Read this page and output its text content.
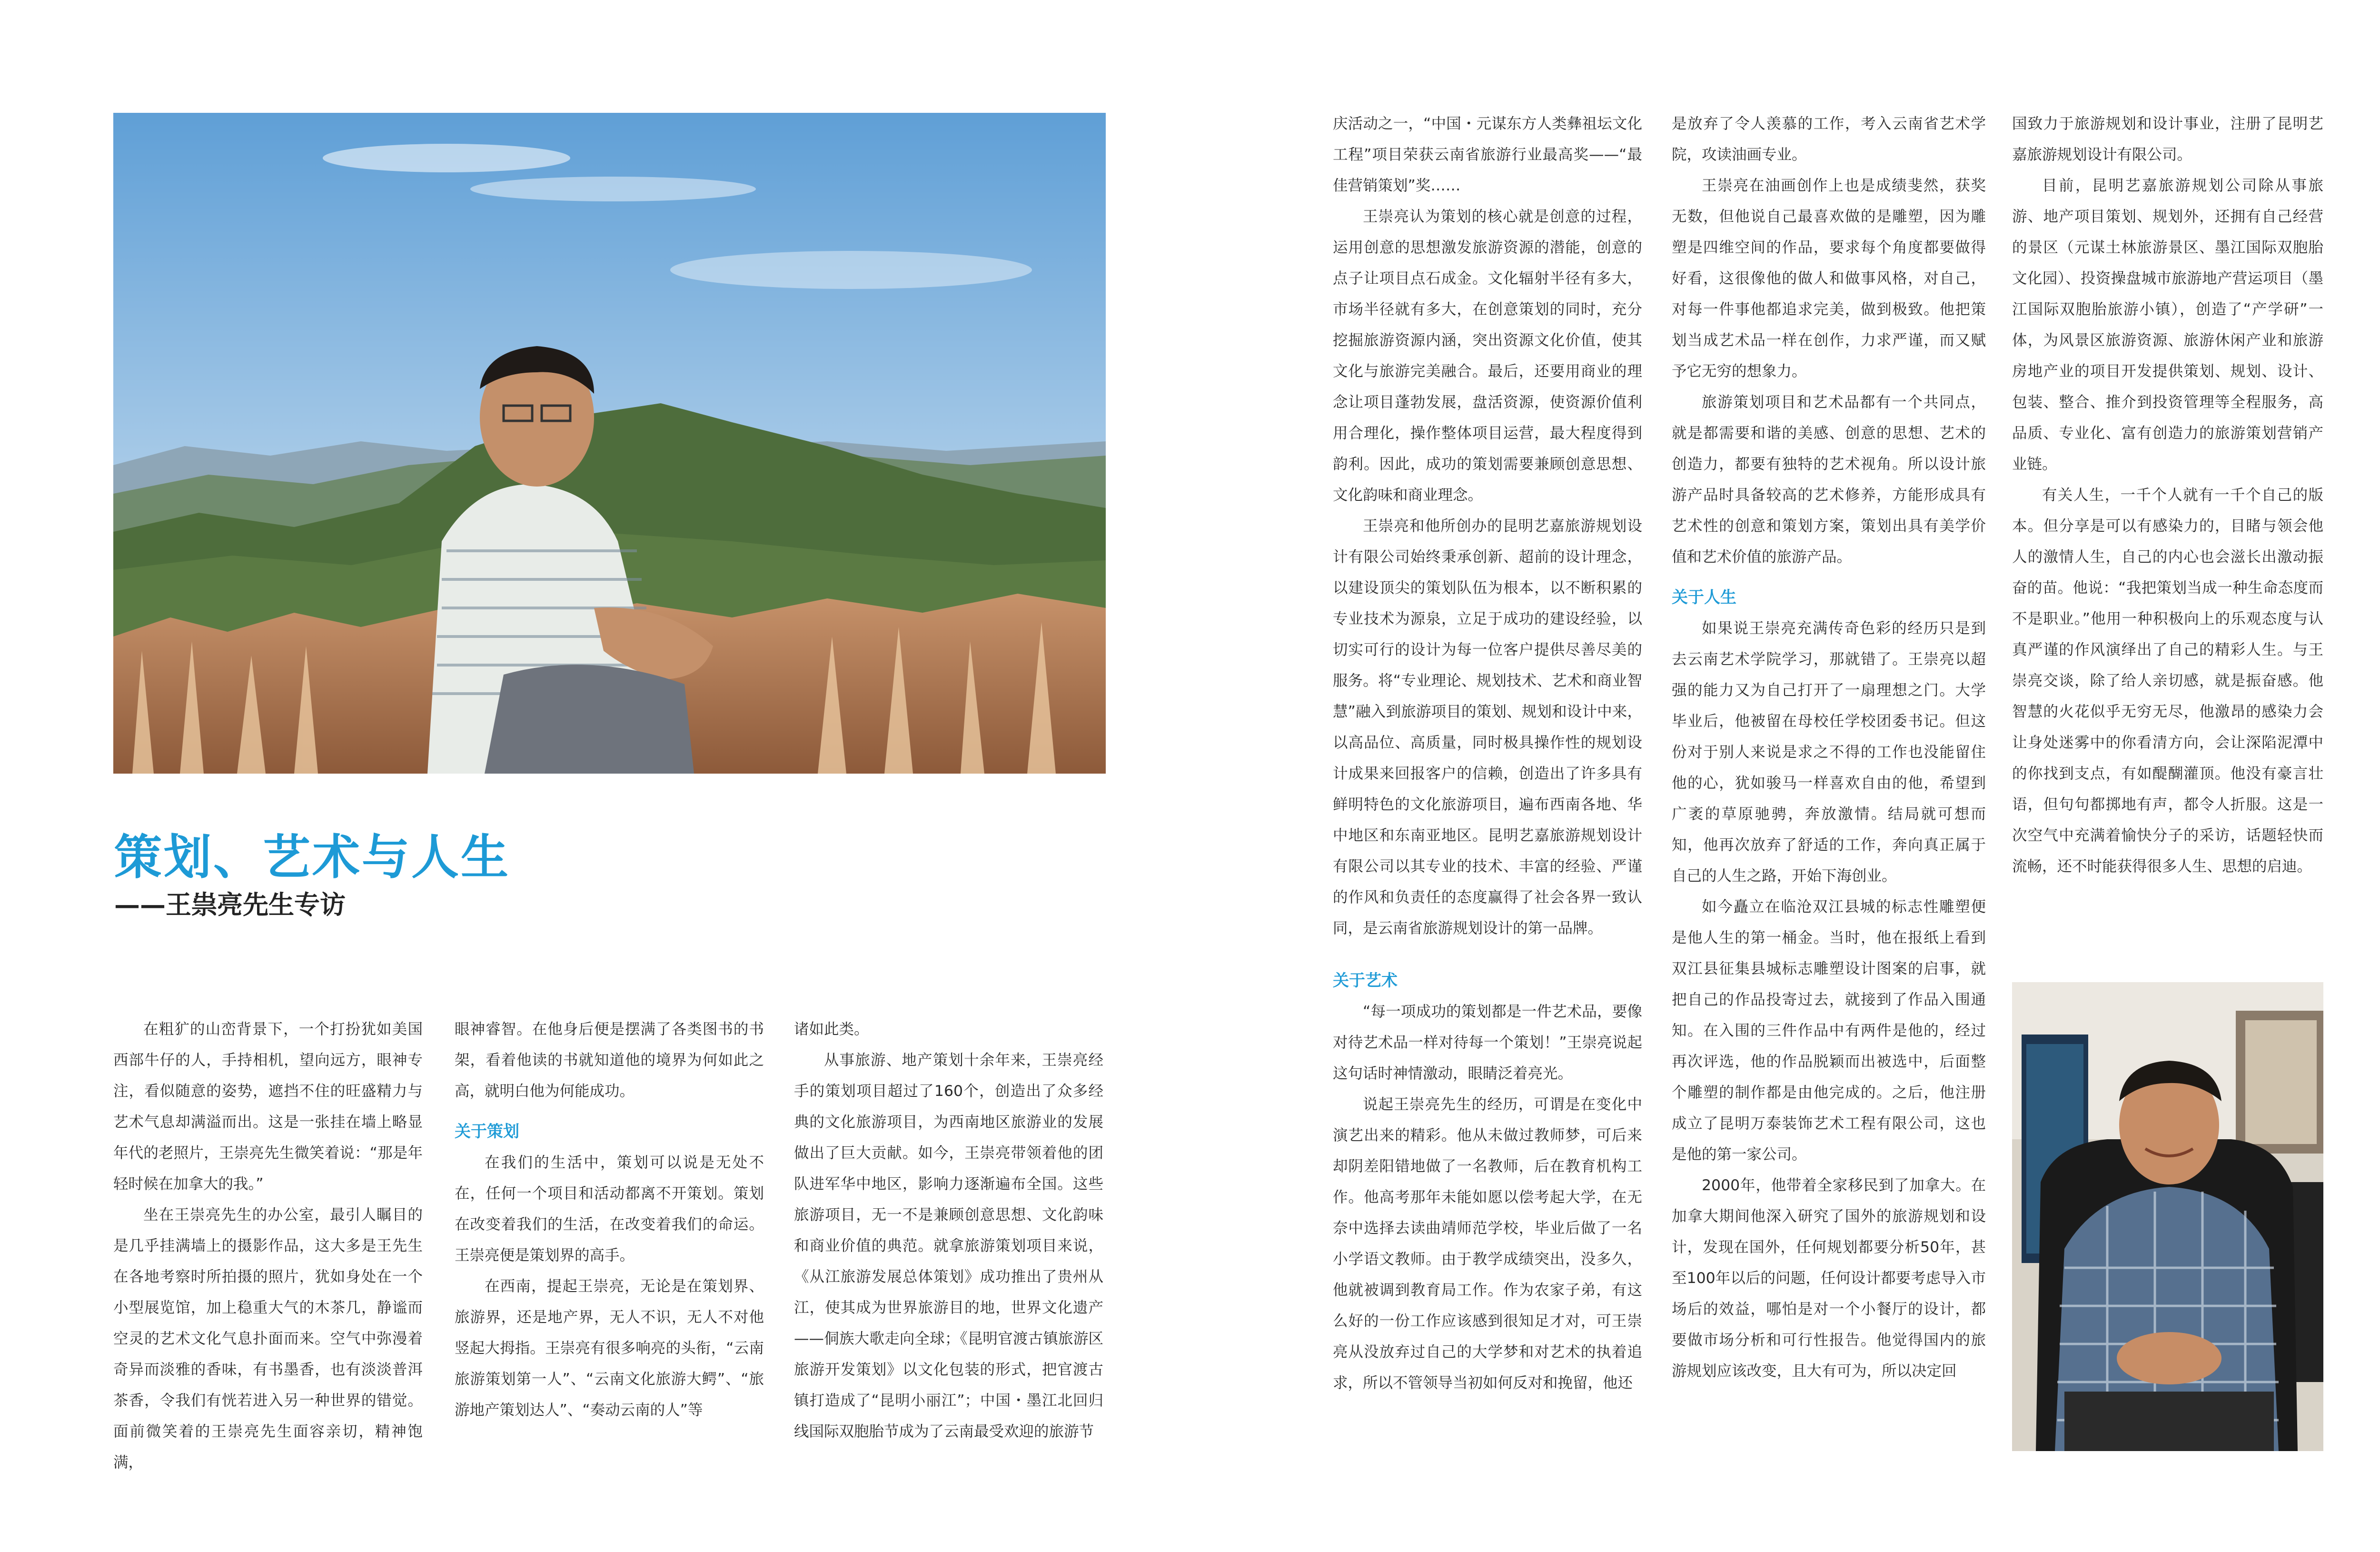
策划、艺术与人生
——王祟亮先生专访

在粗犷的山峦背景下，一个打扮犹如美国西部牛仔的人，手持相机，望向远方，眼神专注，看似随意的姿势，遮挡不住的旺盛精力与艺术气息却满溢而出。这是一张挂在墙上略显年代的老照片，王崇亮先生微笑着说：“那是年轻时候在加拿大的我。”

坐在王崇亮先生的办公室，最引人瞩目的是几乎挂满墙上的摄影作品，这大多是王先生在各地考察时所拍摄的照片，犹如身处在一个小型展览馆，加上稳重大气的木茶几，静谧而空灵的艺术文化气息扑面而来。空气中弥漫着奇异而淡雅的香味，有书墨香，也有淡淡普洱茶香，令我们有恍若进入另一种世界的错觉。面前微笑着的王崇亮先生面容亲切，精神饱满，

眼神睿智。在他身后便是摆满了各类图书的书架，看着他读的书就知道他的境界为何如此之高，就明白他为何能成功。

关于策划

在我们的生活中，策划可以说是无处不在，任何一个项目和活动都离不开策划。策划在改变着我们的生活，在改变着我们的命运。王崇亮便是策划界的高手。

在西南，提起王崇亮，无论是在策划界、旅游界，还是地产界，无人不识，无人不对他竖起大拇指。王崇亮有很多响亮的头衔，“云南旅游策划第一人”、“云南文化旅游大鳄”、“旅游地产策划达人”、“奏动云南的人”等

诸如此类。

从事旅游、地产策划十余年来，王崇亮经手的策划项目超过了160个，创造出了众多经典的文化旅游项目，为西南地区旅游业的发展做出了巨大贡献。如今，王崇亮带领着他的团队进军华中地区，影响力逐渐遍布全国。这些旅游项目，无一不是兼顾创意思想、文化韵味和商业价值的典范。就拿旅游策划项目来说，《从江旅游发展总体策划》成功推出了贵州从江，使其成为世界旅游目的地，世界文化遗产——侗族大歌走向全球；《昆明官渡古镇旅游区旅游开发策划》以文化包装的形式，把官渡古镇打造成了“昆明小丽江”；中国・墨江北回归线国际双胞胎节成为了云南最受欢迎的旅游节

庆活动之一，“中国・元谋东方人类彝祖坛文化工程”项目荣获云南省旅游行业最高奖——“最佳营销策划”奖……

王崇亮认为策划的核心就是创意的过程，运用创意的思想激发旅游资源的潜能，创意的点子让项目点石成金。文化辐射半径有多大，市场半径就有多大，在创意策划的同时，充分挖掘旅游资源内涵，突出资源文化价值，使其文化与旅游完美融合。最后，还要用商业的理念让项目蓬勃发展，盘活资源，使资源价值利用合理化，操作整体项目运营，最大程度得到韵利。因此，成功的策划需要兼顾创意思想、文化韵味和商业理念。

王崇亮和他所创办的昆明艺嘉旅游规划设计有限公司始终秉承创新、超前的设计理念，以建设顶尖的策划队伍为根本，以不断积累的专业技术为源泉，立足于成功的建设经验，以切实可行的设计为每一位客户提供尽善尽美的服务。将“专业理论、规划技术、艺术和商业智慧”融入到旅游项目的策划、规划和设计中来，以高品位、高质量，同时极具操作性的规划设计成果来回报客户的信赖，创造出了许多具有鲜明特色的文化旅游项目，遍布西南各地、华中地区和东南亚地区。昆明艺嘉旅游规划设计有限公司以其专业的技术、丰富的经验、严谨的作风和负责任的态度赢得了社会各界一致认同，是云南省旅游规划设计的第一品牌。

关于艺术

“每一项成功的策划都是一件艺术品，要像对待艺术品一样对待每一个策划！”王崇亮说起这句话时神情激动，眼睛泛着亮光。

说起王崇亮先生的经历，可谓是在变化中演艺出来的精彩。他从未做过教师梦，可后来却阴差阳错地做了一名教师，后在教育机构工作。他高考那年未能如愿以偿考起大学，在无奈中选择去读曲靖师范学校，毕业后做了一名小学语文教师。由于教学成绩突出，没多久，他就被调到教育局工作。作为农家子弟，有这么好的一份工作应该感到很知足才对，可王崇亮从没放弃过自己的大学梦和对艺术的执着追求，所以不管领导当初如何反对和挽留，他还

是放弃了令人羡慕的工作，考入云南省艺术学院，攻读油画专业。

王崇亮在油画创作上也是成绩斐然，获奖无数，但他说自己最喜欢做的是雕塑，因为雕塑是四维空间的作品，要求每个角度都要做得好看，这很像他的做人和做事风格，对自己，对每一件事他都追求完美，做到极致。他把策划当成艺术品一样在创作，力求严谨，而又赋予它无穷的想象力。

旅游策划项目和艺术品都有一个共同点，就是都需要和谐的美感、创意的思想、艺术的创造力，都要有独特的艺术视角。所以设计旅游产品时具备较高的艺术修养，方能形成具有艺术性的创意和策划方案，策划出具有美学价值和艺术价值的旅游产品。

关于人生

如果说王崇亮充满传奇色彩的经历只是到去云南艺术学院学习，那就错了。王崇亮以超强的能力又为自己打开了一扇理想之门。大学毕业后，他被留在母校任学校团委书记。但这份对于别人来说是求之不得的工作也没能留住他的心，犹如骏马一样喜欢自由的他，希望到广袤的草原驰骋，奔放激情。结局就可想而知，他再次放弃了舒适的工作，奔向真正属于自己的人生之路，开始下海创业。

如今矗立在临沧双江县城的标志性雕塑便是他人生的第一桶金。当时，他在报纸上看到双江县征集县城标志雕塑设计图案的启事，就把自己的作品投寄过去，就接到了作品入围通知。在入围的三件作品中有两件是他的，经过再次评选，他的作品脱颖而出被选中，后面整个雕塑的制作都是由他完成的。之后，他注册成立了昆明万泰装饰艺术工程有限公司，这也是他的第一家公司。

2000年，他带着全家移民到了加拿大。在加拿大期间他深入研究了国外的旅游规划和设计，发现在国外，任何规划都要分析50年，甚至100年以后的问题，任何设计都要考虑导入市场后的效益，哪怕是对一个小餐厅的设计，都要做市场分析和可行性报告。他觉得国内的旅游规划应该改变，且大有可为，所以决定回

国致力于旅游规划和设计事业，注册了昆明艺嘉旅游规划设计有限公司。

目前，昆明艺嘉旅游规划公司除从事旅游、地产项目策划、规划外，还拥有自己经营的景区（元谋土林旅游景区、墨江国际双胞胎文化园）、投资操盘城市旅游地产营运项目（墨江国际双胞胎旅游小镇），创造了“产学研”一体，为风景区旅游资源、旅游休闲产业和旅游房地产业的项目开发提供策划、规划、设计、包装、整合、推介到投资管理等全程服务，高品质、专业化、富有创造力的旅游策划营销产业链。

有关人生，一千个人就有一千个自己的版本。但分享是可以有感染力的，目睹与领会他人的激情人生，自己的内心也会滋长出激动振奋的苗。他说：“我把策划当成一种生命态度而不是职业。”他用一种积极向上的乐观态度与认真严谨的作风演绎出了自己的精彩人生。与王崇亮交谈，除了给人亲切感，就是振奋感。他智慧的火花似乎无穷无尽，他激昂的感染力会让身处迷雾中的你看清方向，会让深陷泥潭中的你找到支点，有如醍醐灌顶。他没有豪言壮语，但句句都掷地有声，都令人折服。这是一次空气中充满着愉快分子的采访，话题轻快而流畅，还不时能获得很多人生、思想的启迪。
